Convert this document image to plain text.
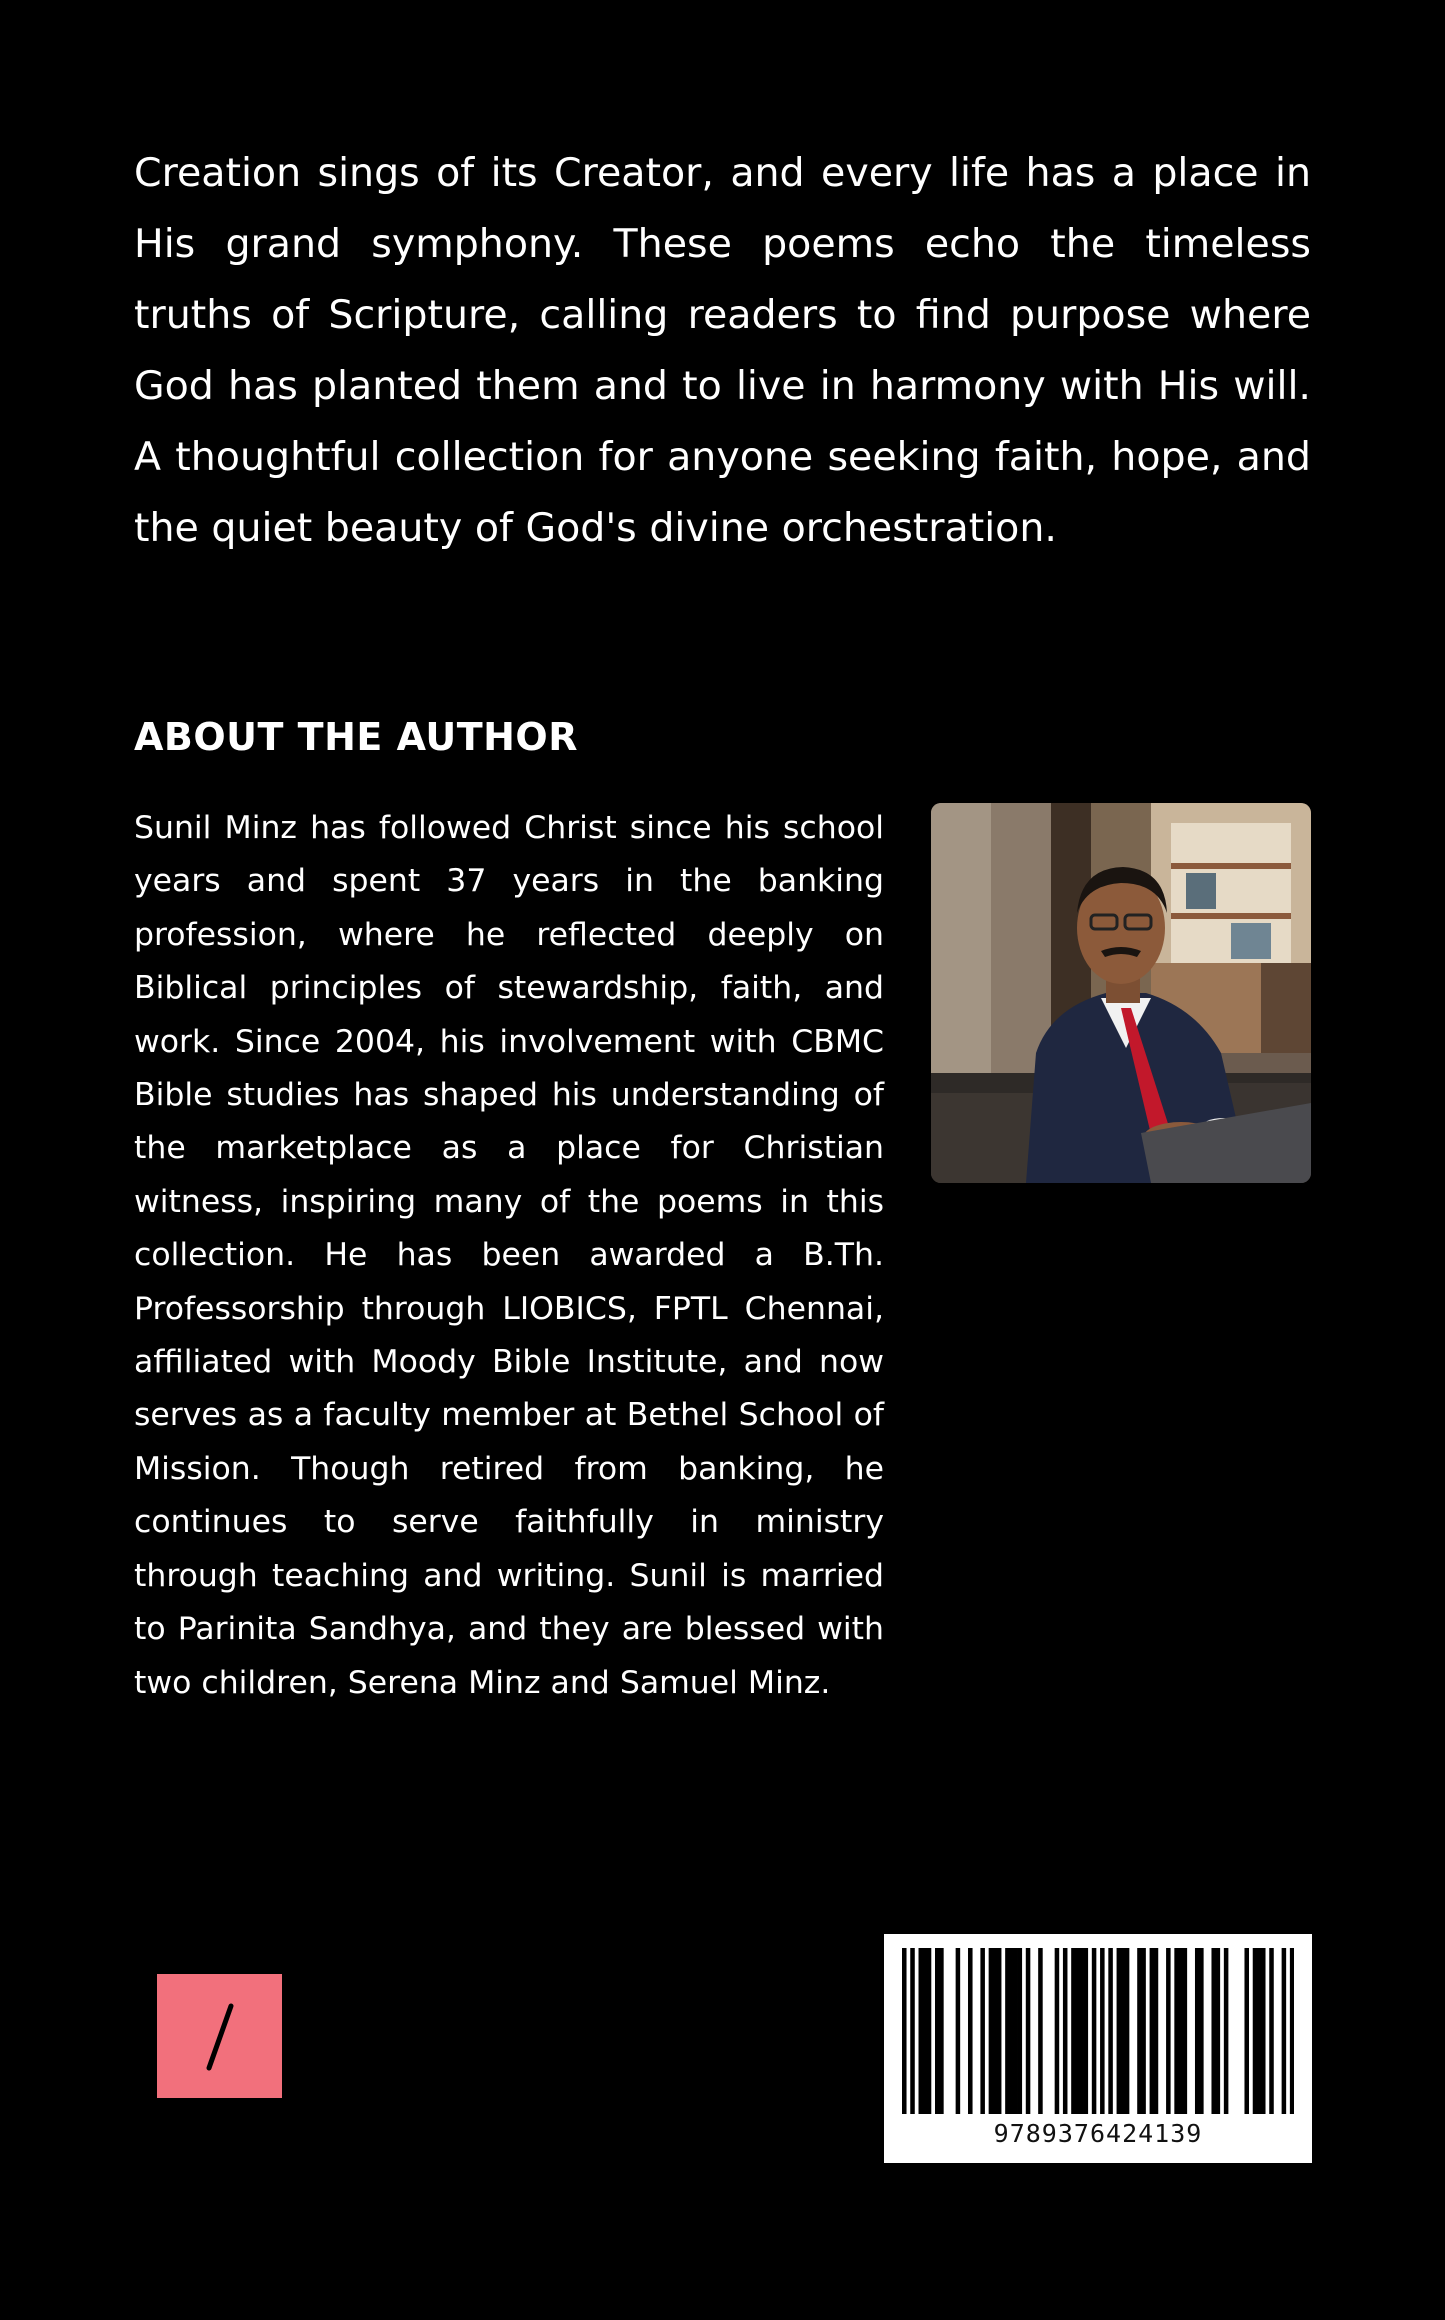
Creation sings of its Creator, and every life has a place in His grand symphony. These poems echo the timeless truths of Scripture, calling readers to find purpose where God has planted them and to live in harmony with His will. A thoughtful collection for anyone seeking faith, hope, and the quiet beauty of God's divine orchestration.

ABOUT THE AUTHOR

Sunil Minz has followed Christ since his school years and spent 37 years in the banking profession, where he reflected deeply on Biblical principles of stewardship, faith, and work. Since 2004, his involvement with CBMC Bible studies has shaped his understanding of the marketplace as a place for Christian witness, inspiring many of the poems in this collection. He has been awarded a B.Th. Professorship through LIOBICS, FPTL Chennai, affiliated with Moody Bible Institute, and now serves as a faculty member at Bethel School of Mission. Though retired from banking, he continues to serve faithfully in ministry through teaching and writing. Sunil is married to Parinita Sandhya, and they are blessed with two children, Serena Minz and Samuel Minz.

9789376424139
